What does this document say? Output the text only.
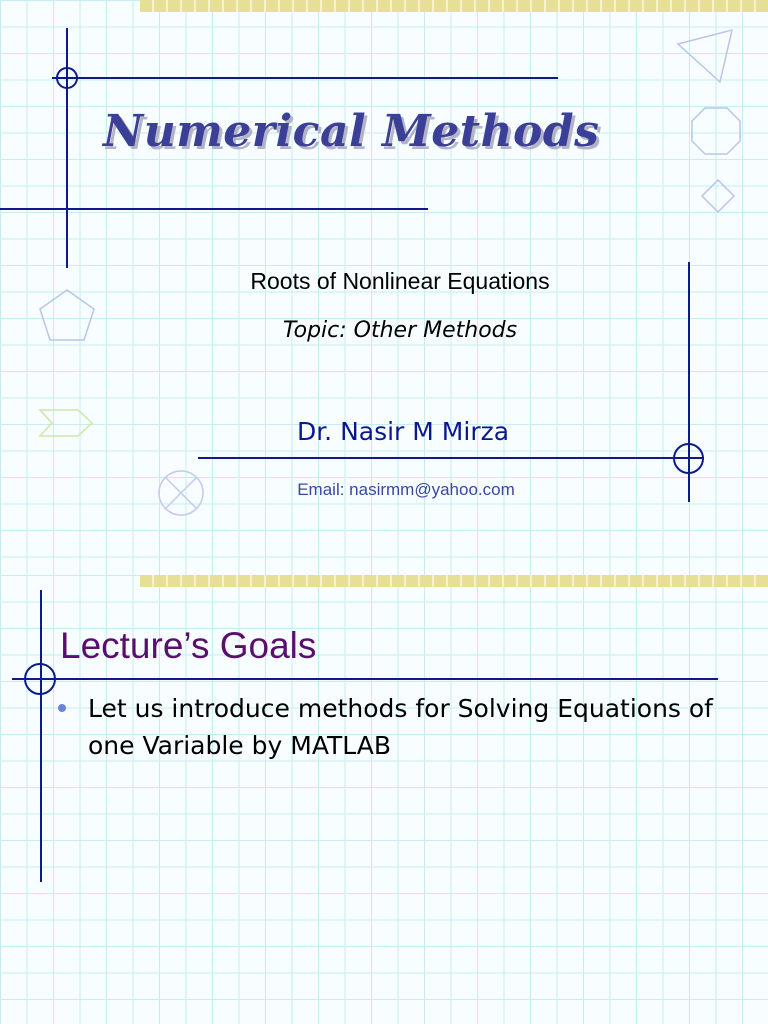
Numerical Methods
Roots of Nonlinear Equations
Topic: Other Methods
Dr. Nasir M Mirza
Email: nasirmm@yahoo.com
Lecture’s Goals
Let us introduce methods for Solving Equations of one Variable by MATLAB
